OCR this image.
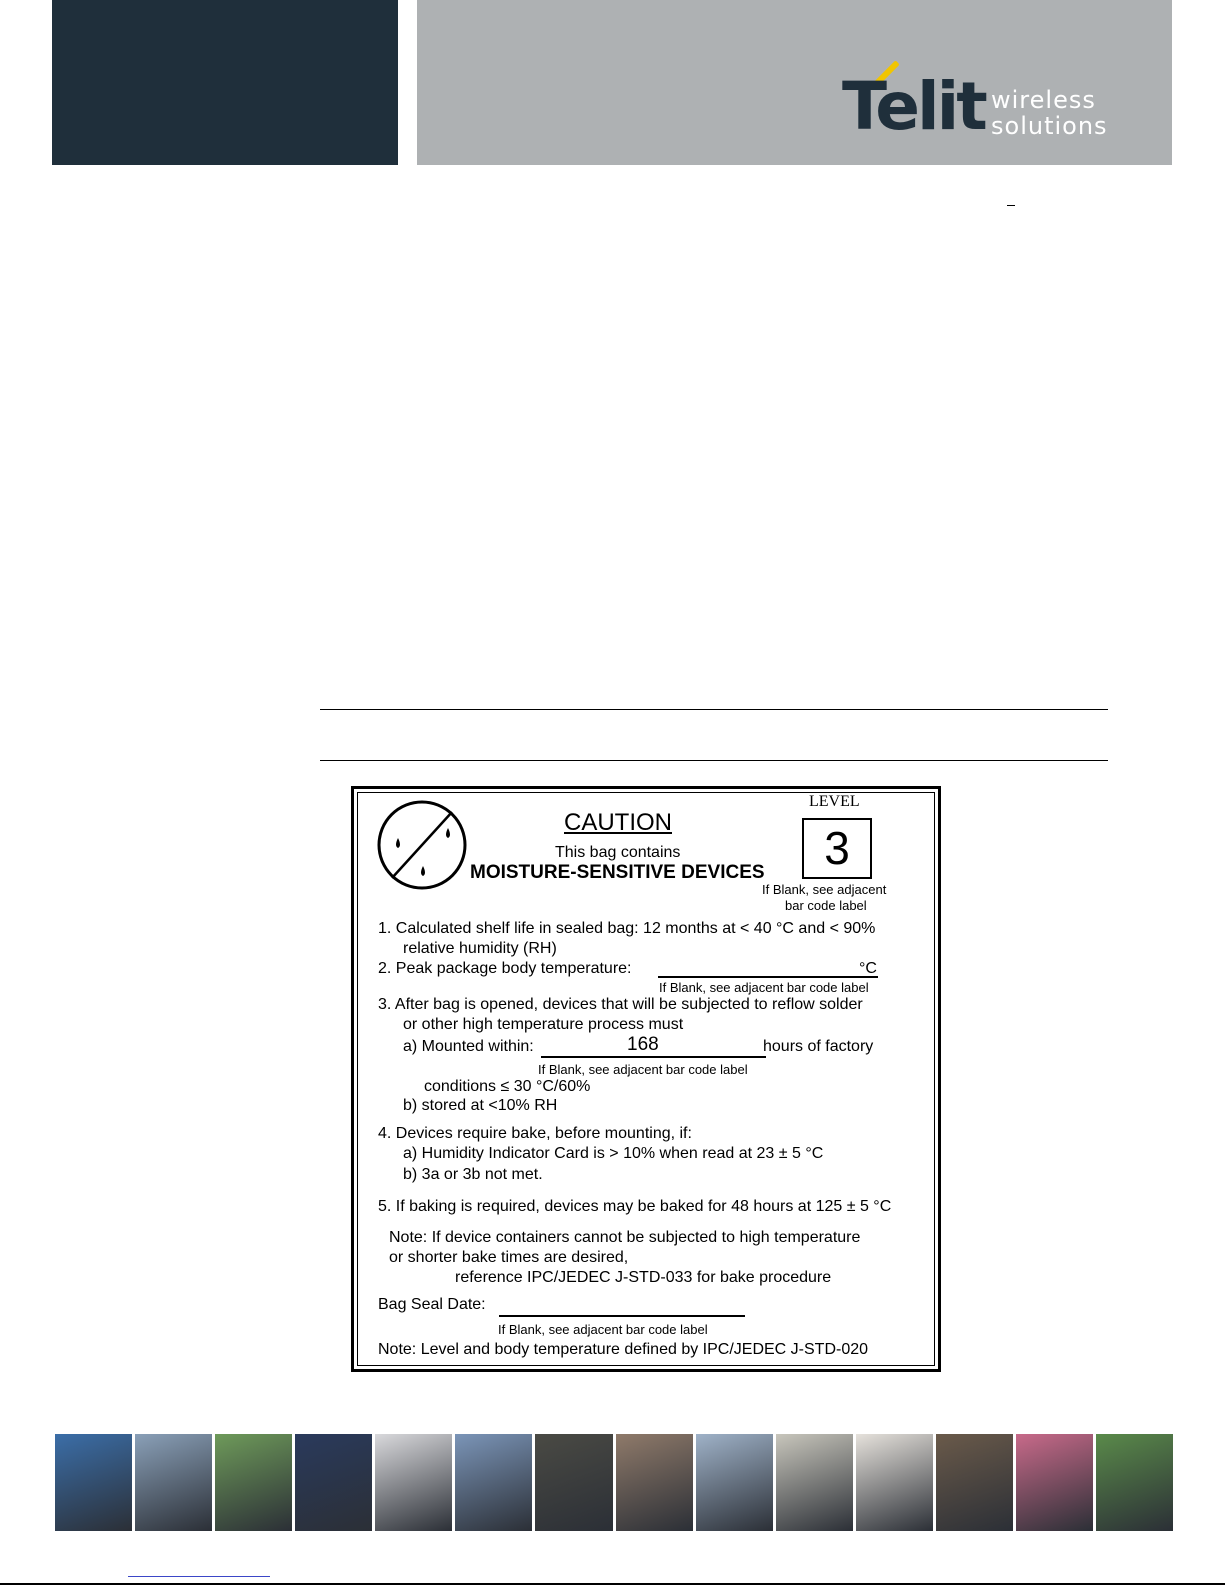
Telit wireless
solutions
CAUTION
This bag contains
MOISTURE-SENSITIVE DEVICES
LEVEL
3
If Blank, see adjacent
bar code label
1. Calculated shelf life in sealed bag: 12 months at < 40 °C and < 90%
relative humidity (RH)
2. Peak package body temperature:	°C
If Blank, see adjacent bar code label
3. After bag is opened, devices that will be subjected to reflow solder
or other high temperature process must
a) Mounted within:	168	hours of factory
If Blank, see adjacent bar code label
conditions ≤ 30 °C/60%
b) stored at <10% RH
4. Devices require bake, before mounting, if:
a) Humidity Indicator Card is > 10% when read at 23 ± 5 °C
b) 3a or 3b not met.
5. If baking is required, devices may be baked for 48 hours at 125 ± 5 °C
Note: If device containers cannot be subjected to high temperature
or shorter bake times are desired,
reference IPC/JEDEC J-STD-033 for bake procedure
Bag Seal Date:
If Blank, see adjacent bar code label
Note: Level and body temperature defined by IPC/JEDEC J-STD-020
